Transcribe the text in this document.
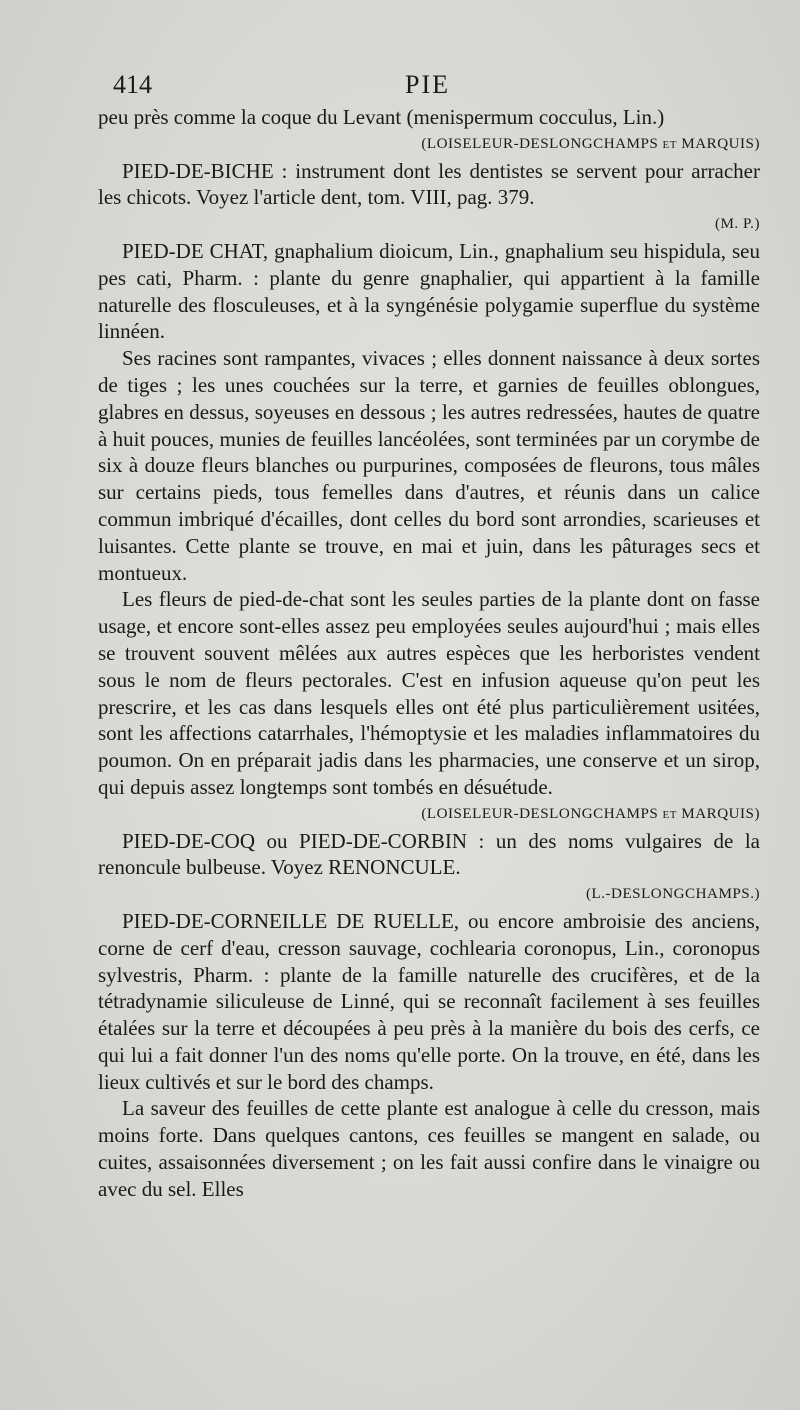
414	PIE

peu près comme la coque du Levant (menispermum cocculus, Lin.)

(LOISELEUR-DESLONGCHAMPS et MARQUIS)

PIED-DE-BICHE : instrument dont les dentistes se servent pour arracher les chicots. Voyez l'article dent, tom. VIII, pag. 379.

(M. P.)

PIED-DE CHAT, gnaphalium dioicum, Lin., gnaphalium seu hispidula, seu pes cati, Pharm. : plante du genre gnaphalier, qui appartient à la famille naturelle des flosculeuses, et à la syngénésie polygamie superflue du système linnéen.

Ses racines sont rampantes, vivaces ; elles donnent naissance à deux sortes de tiges ; les unes couchées sur la terre, et garnies de feuilles oblongues, glabres en dessus, soyeuses en dessous ; les autres redressées, hautes de quatre à huit pouces, munies de feuilles lancéolées, sont terminées par un corymbe de six à douze fleurs blanches ou purpurines, composées de fleurons, tous mâles sur certains pieds, tous femelles dans d'autres, et réunis dans un calice commun imbriqué d'écailles, dont celles du bord sont arrondies, scarieuses et luisantes. Cette plante se trouve, en mai et juin, dans les pâturages secs et montueux.

Les fleurs de pied-de-chat sont les seules parties de la plante dont on fasse usage, et encore sont-elles assez peu employées seules aujourd'hui ; mais elles se trouvent souvent mêlées aux autres espèces que les herboristes vendent sous le nom de fleurs pectorales. C'est en infusion aqueuse qu'on peut les prescrire, et les cas dans lesquels elles ont été plus particulièrement usitées, sont les affections catarrhales, l'hémoptysie et les maladies inflammatoires du poumon. On en préparait jadis dans les pharmacies, une conserve et un sirop, qui depuis assez longtemps sont tombés en désuétude.

(LOISELEUR-DESLONGCHAMPS et MARQUIS)

PIED-DE-COQ ou PIED-DE-CORBIN : un des noms vulgaires de la renoncule bulbeuse. Voyez RENONCULE.

(L.-DESLONGCHAMPS.)

PIED-DE-CORNEILLE DE RUELLE, ou encore ambroisie des anciens, corne de cerf d'eau, cresson sauvage, cochlearia coronopus, Lin., coronopus sylvestris, Pharm. : plante de la famille naturelle des crucifères, et de la tétradynamie siliculeuse de Linné, qui se reconnaît facilement à ses feuilles étalées sur la terre et découpées à peu près à la manière du bois des cerfs, ce qui lui a fait donner l'un des noms qu'elle porte. On la trouve, en été, dans les lieux cultivés et sur le bord des champs.

La saveur des feuilles de cette plante est analogue à celle du cresson, mais moins forte. Dans quelques cantons, ces feuilles se mangent en salade, ou cuites, assaisonnées diversement ; on les fait aussi confire dans le vinaigre ou avec du sel. Elles
